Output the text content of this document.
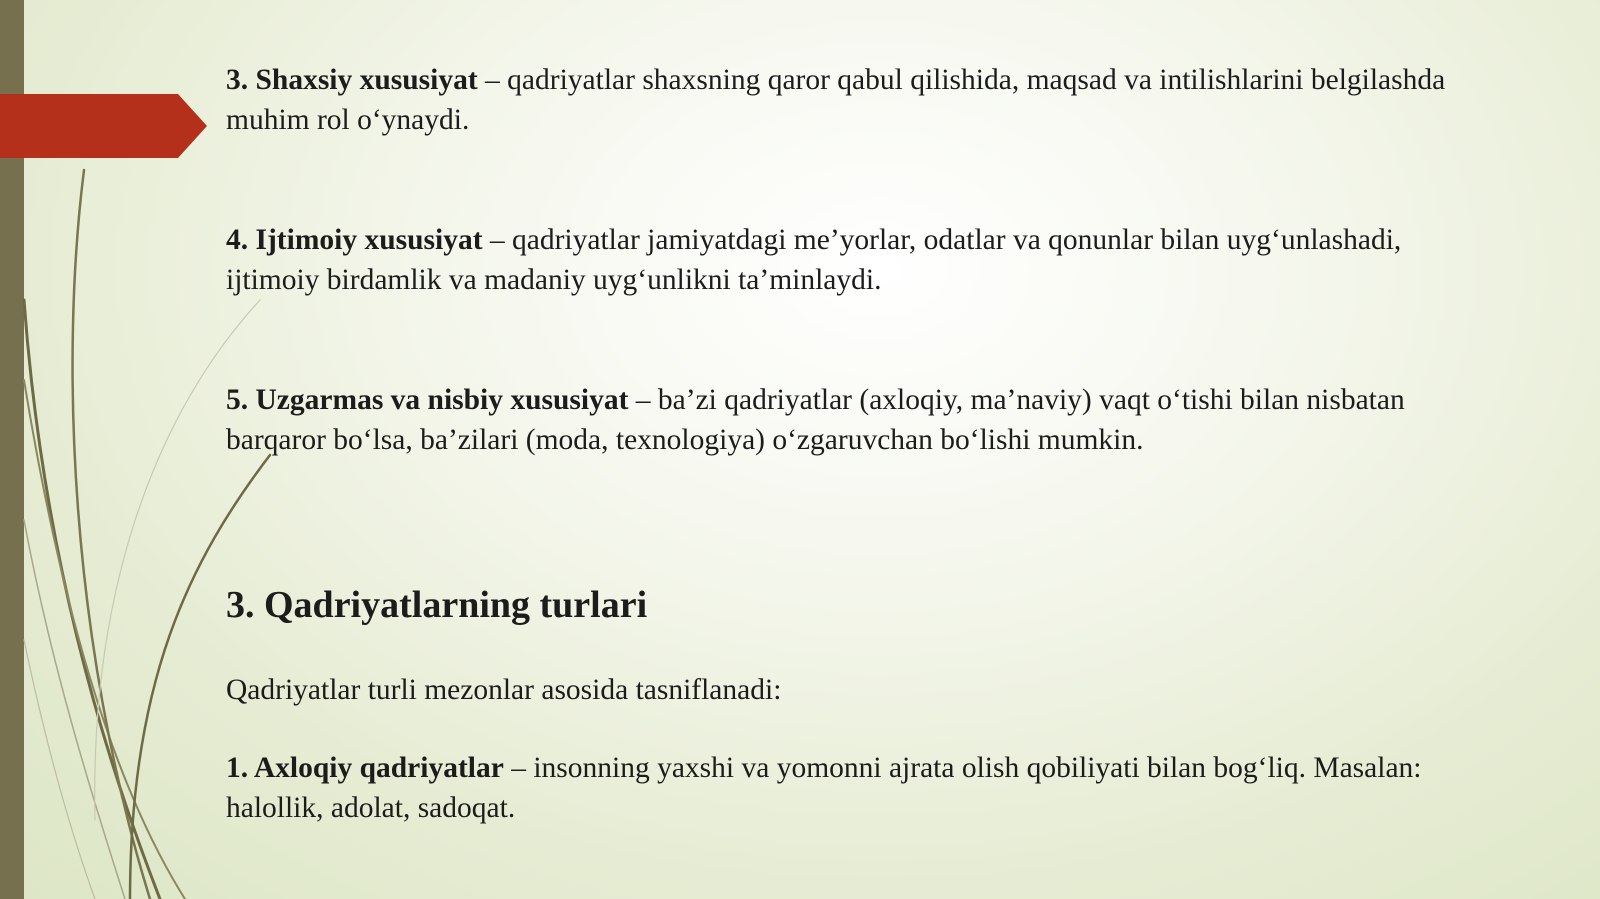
3. Shaxsiy xususiyat – qadriyatlar shaxsning qaror qabul qilishida, maqsad va intilishlarini belgilashda muhim rol o‘ynaydi.

4. Ijtimoiy xususiyat – qadriyatlar jamiyatdagi me’yorlar, odatlar va qonunlar bilan uyg‘unlashadi, ijtimoiy birdamlik va madaniy uyg‘unlikni ta’minlaydi.

5. Uzgarmas va nisbiy xususiyat – ba’zi qadriyatlar (axloqiy, ma’naviy) vaqt o‘tishi bilan nisbatan barqaror bo‘lsa, ba’zilari (moda, texnologiya) o‘zgaruvchan bo‘lishi mumkin.

3. Qadriyatlarning turlari

Qadriyatlar turli mezonlar asosida tasniflanadi:

1. Axloqiy qadriyatlar – insonning yaxshi va yomonni ajrata olish qobiliyati bilan bog‘liq. Masalan: halollik, adolat, sadoqat.
